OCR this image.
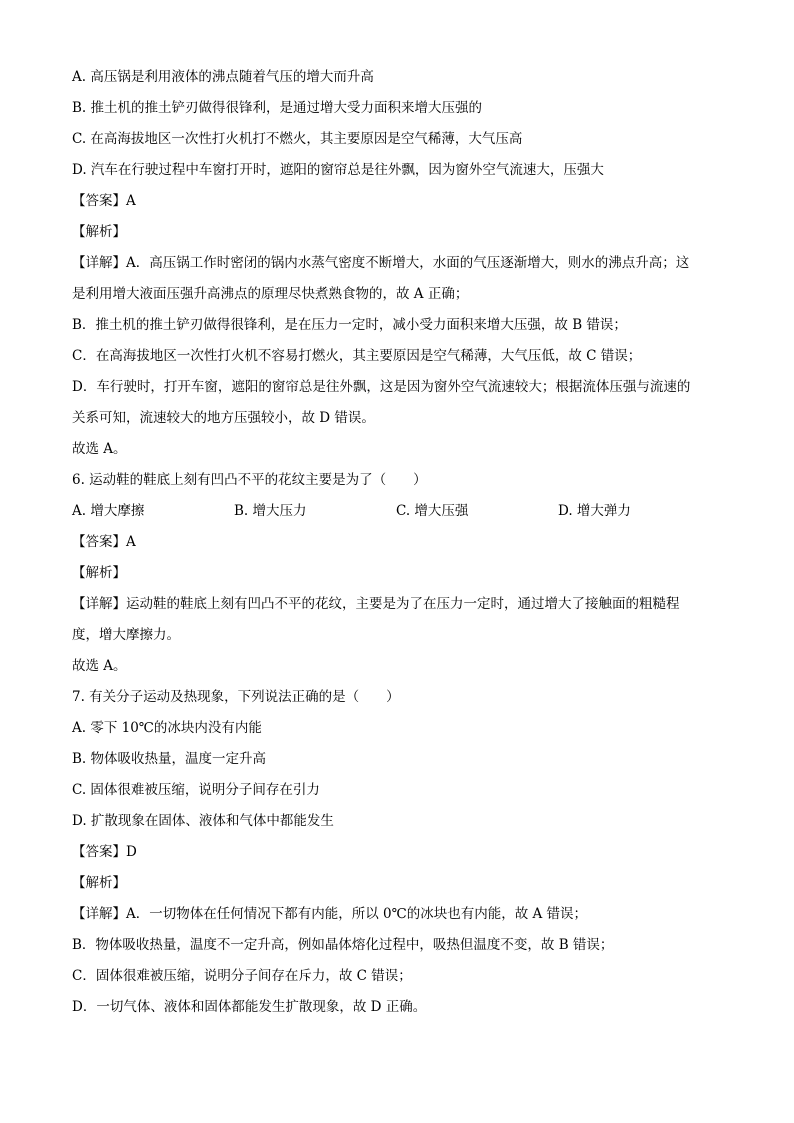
A. 高压锅是利用液体的沸点随着气压的增大而升高
B. 推土机的推土铲刃做得很锋利，是通过增大受力面积来增大压强的
C. 在高海拔地区一次性打火机打不燃火，其主要原因是空气稀薄，大气压高
D. 汽车在行驶过程中车窗打开时，遮阳的窗帘总是往外飘，因为窗外空气流速大，压强大
【答案】A
【解析】
【详解】A．高压锅工作时密闭的锅内水蒸气密度不断增大，水面的气压逐渐增大，则水的沸点升高；这
是利用增大液面压强升高沸点的原理尽快煮熟食物的，故 A 正确；
B．推土机的推土铲刃做得很锋利，是在压力一定时，减小受力面积来增大压强，故 B 错误；
C．在高海拔地区一次性打火机不容易打燃火，其主要原因是空气稀薄，大气压低，故 C 错误；
D．车行驶时，打开车窗，遮阳的窗帘总是往外飘，这是因为窗外空气流速较大；根据流体压强与流速的
关系可知，流速较大的地方压强较小，故 D 错误。
故选 A。
6. 运动鞋的鞋底上刻有凹凸不平的花纹主要是为了（　　）
A. 增大摩擦	B. 增大压力	C. 增大压强	D. 增大弹力
【答案】A
【解析】
【详解】运动鞋的鞋底上刻有凹凸不平的花纹，主要是为了在压力一定时，通过增大了接触面的粗糙程
度，增大摩擦力。
故选 A。
7. 有关分子运动及热现象，下列说法正确的是（　　）
A. 零下 10℃的冰块内没有内能
B. 物体吸收热量，温度一定升高
C. 固体很难被压缩，说明分子间存在引力
D. 扩散现象在固体、液体和气体中都能发生
【答案】D
【解析】
【详解】A．一切物体在任何情况下都有内能，所以 0℃的冰块也有内能，故 A 错误；
B．物体吸收热量，温度不一定升高，例如晶体熔化过程中，吸热但温度不变，故 B 错误；
C．固体很难被压缩，说明分子间存在斥力，故 C 错误；
D．一切气体、液体和固体都能发生扩散现象，故 D 正确。
